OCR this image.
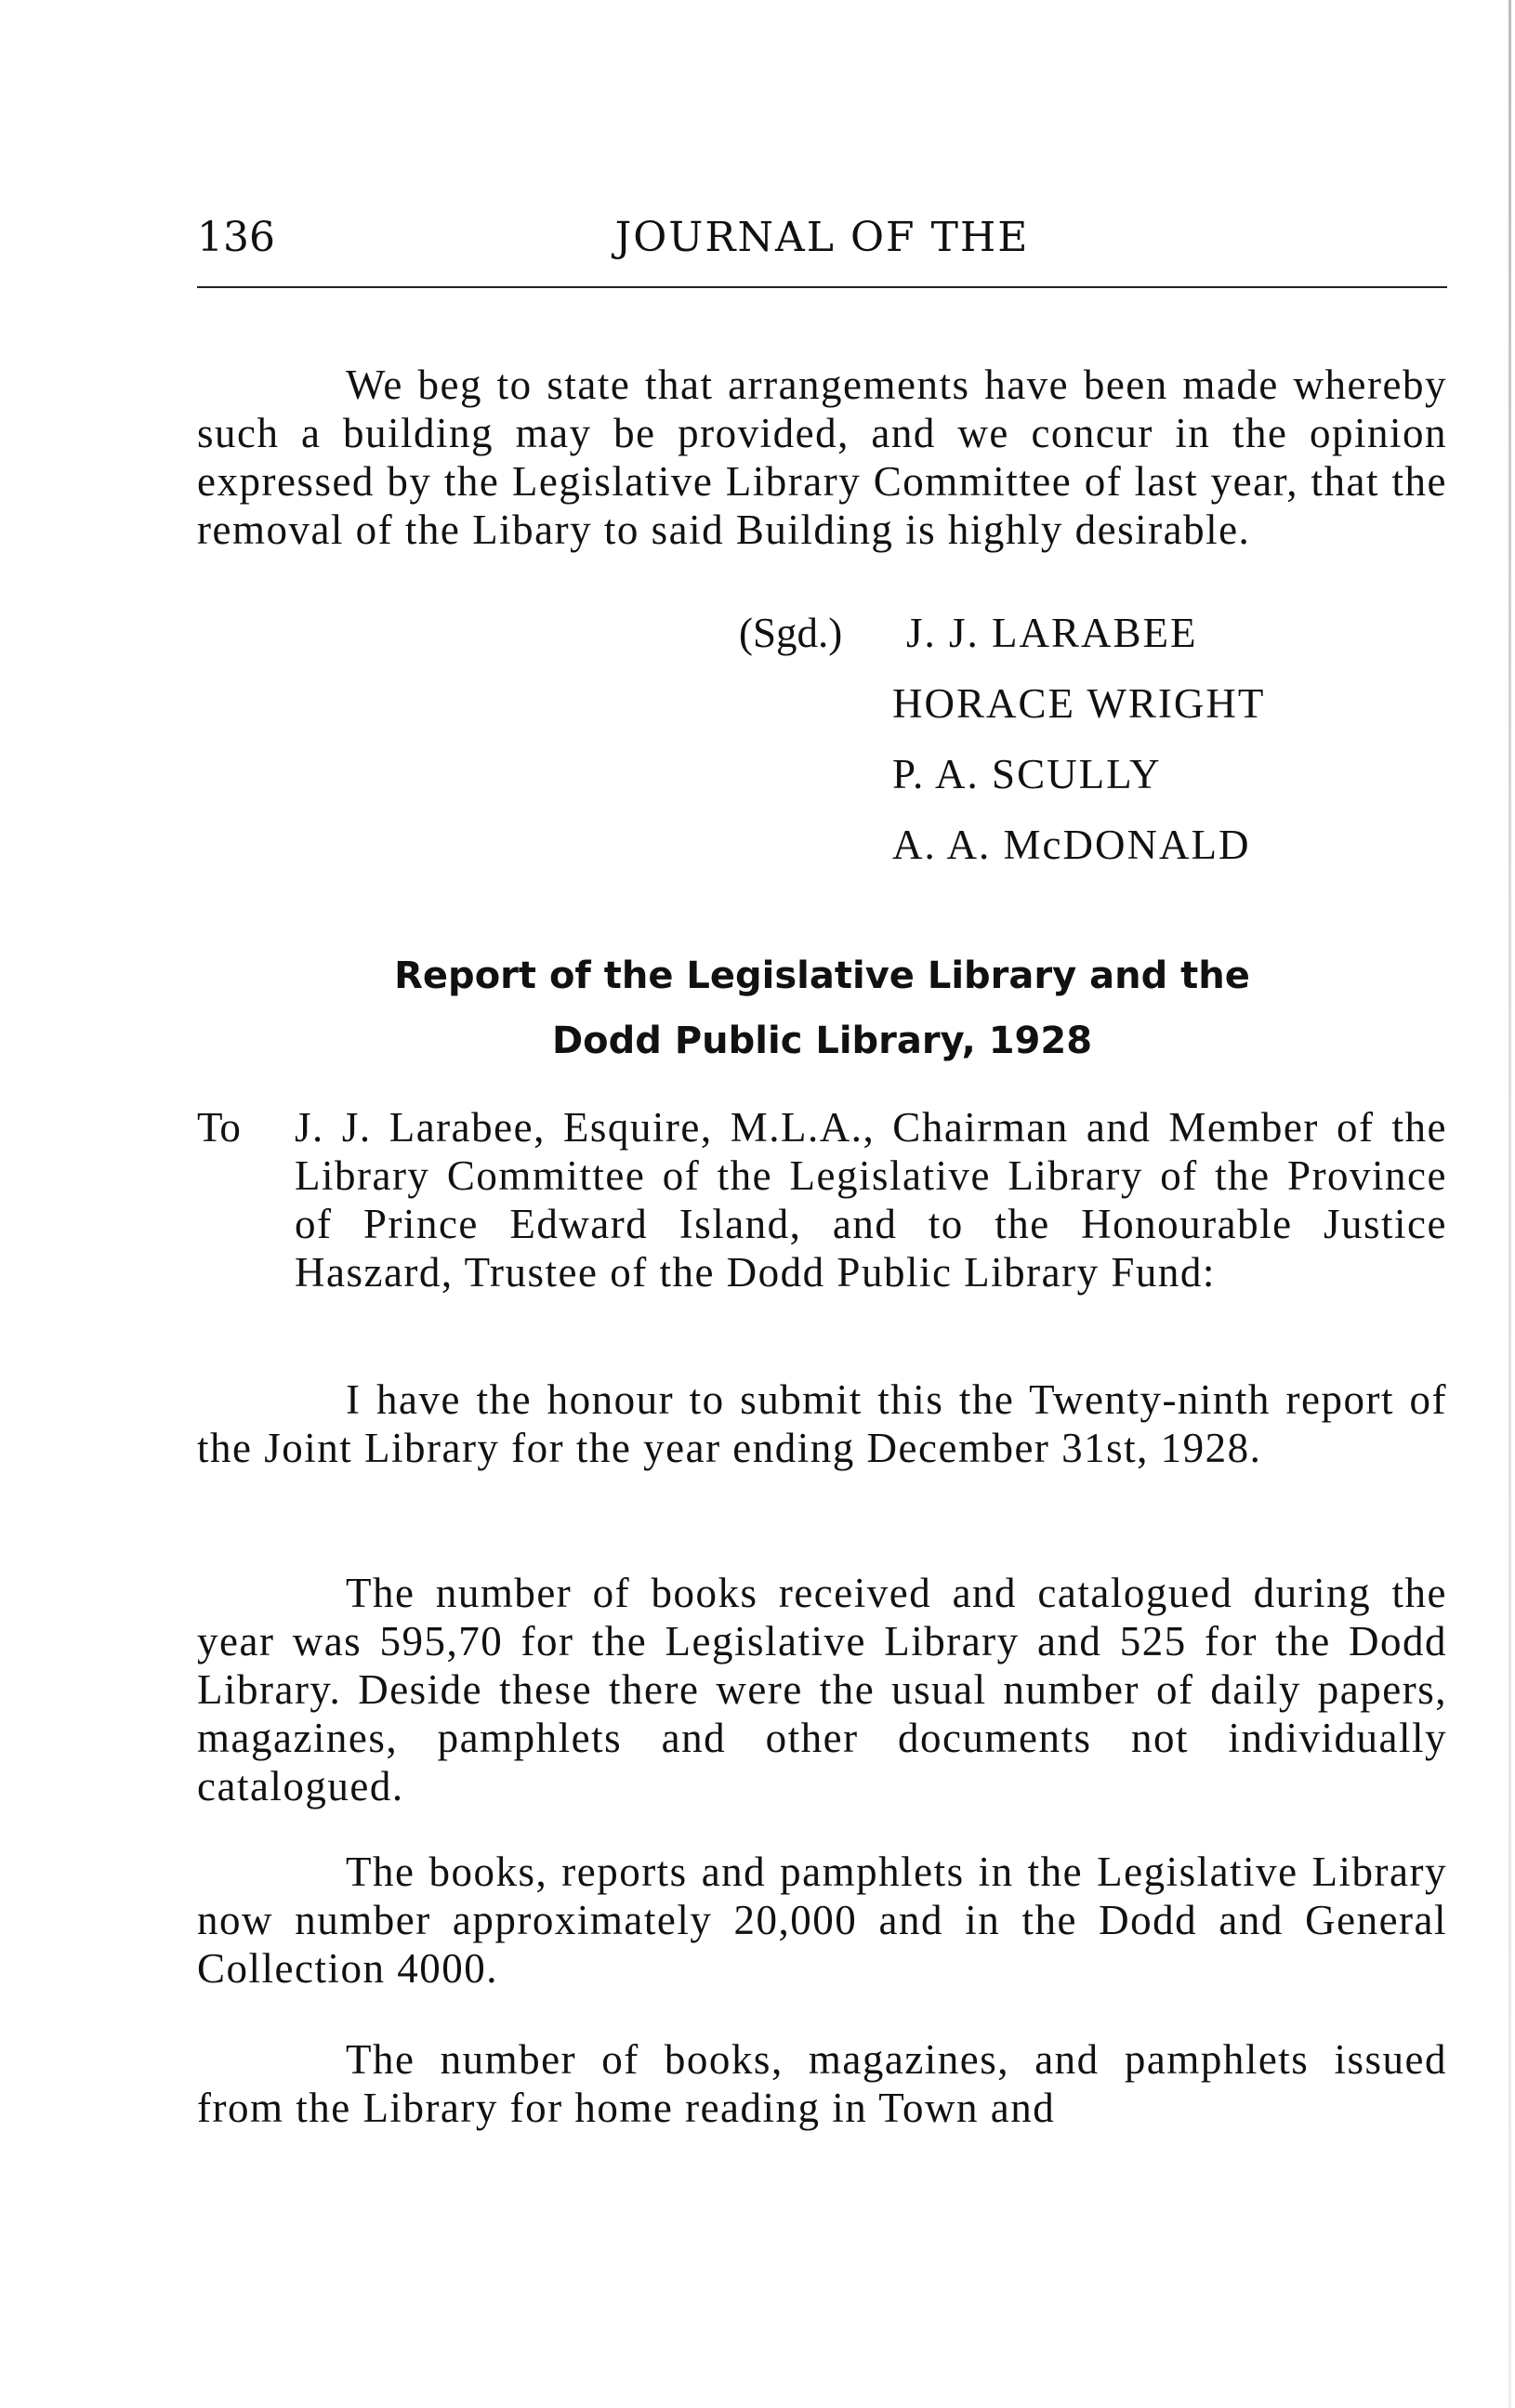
136	JOURNAL OF THE

We beg to state that arrangements have been made whereby such a building may be provided, and we concur in the opinion expressed by the Legislative Library Committee of last year, that the removal of the Libary to said Building is highly desirable.

(Sgd.) J. J. LARABEE
HORACE WRIGHT
P. A. SCULLY
A. A. McDONALD
Report of the Legislative Library and the
Dodd Public Library, 1928
To J. J. Larabee, Esquire, M.L.A., Chairman and Member of the Library Committee of the Legislative Library of the Province of Prince Edward Island, and to the Honourable Justice Haszard, Trustee of the Dodd Public Library Fund:

I have the honour to submit this the Twenty-ninth report of the Joint Library for the year ending December 31st, 1928.

The number of books received and catalogued during the year was 595,70 for the Legislative Library and 525 for the Dodd Library. Deside these there were the usual number of daily papers, magazines, pamphlets and other documents not individually catalogued.

The books, reports and pamphlets in the Legislative Library now number approximately 20,000 and in the Dodd and General Collection 4000.

The number of books, magazines, and pamphlets issued from the Library for home reading in Town and
